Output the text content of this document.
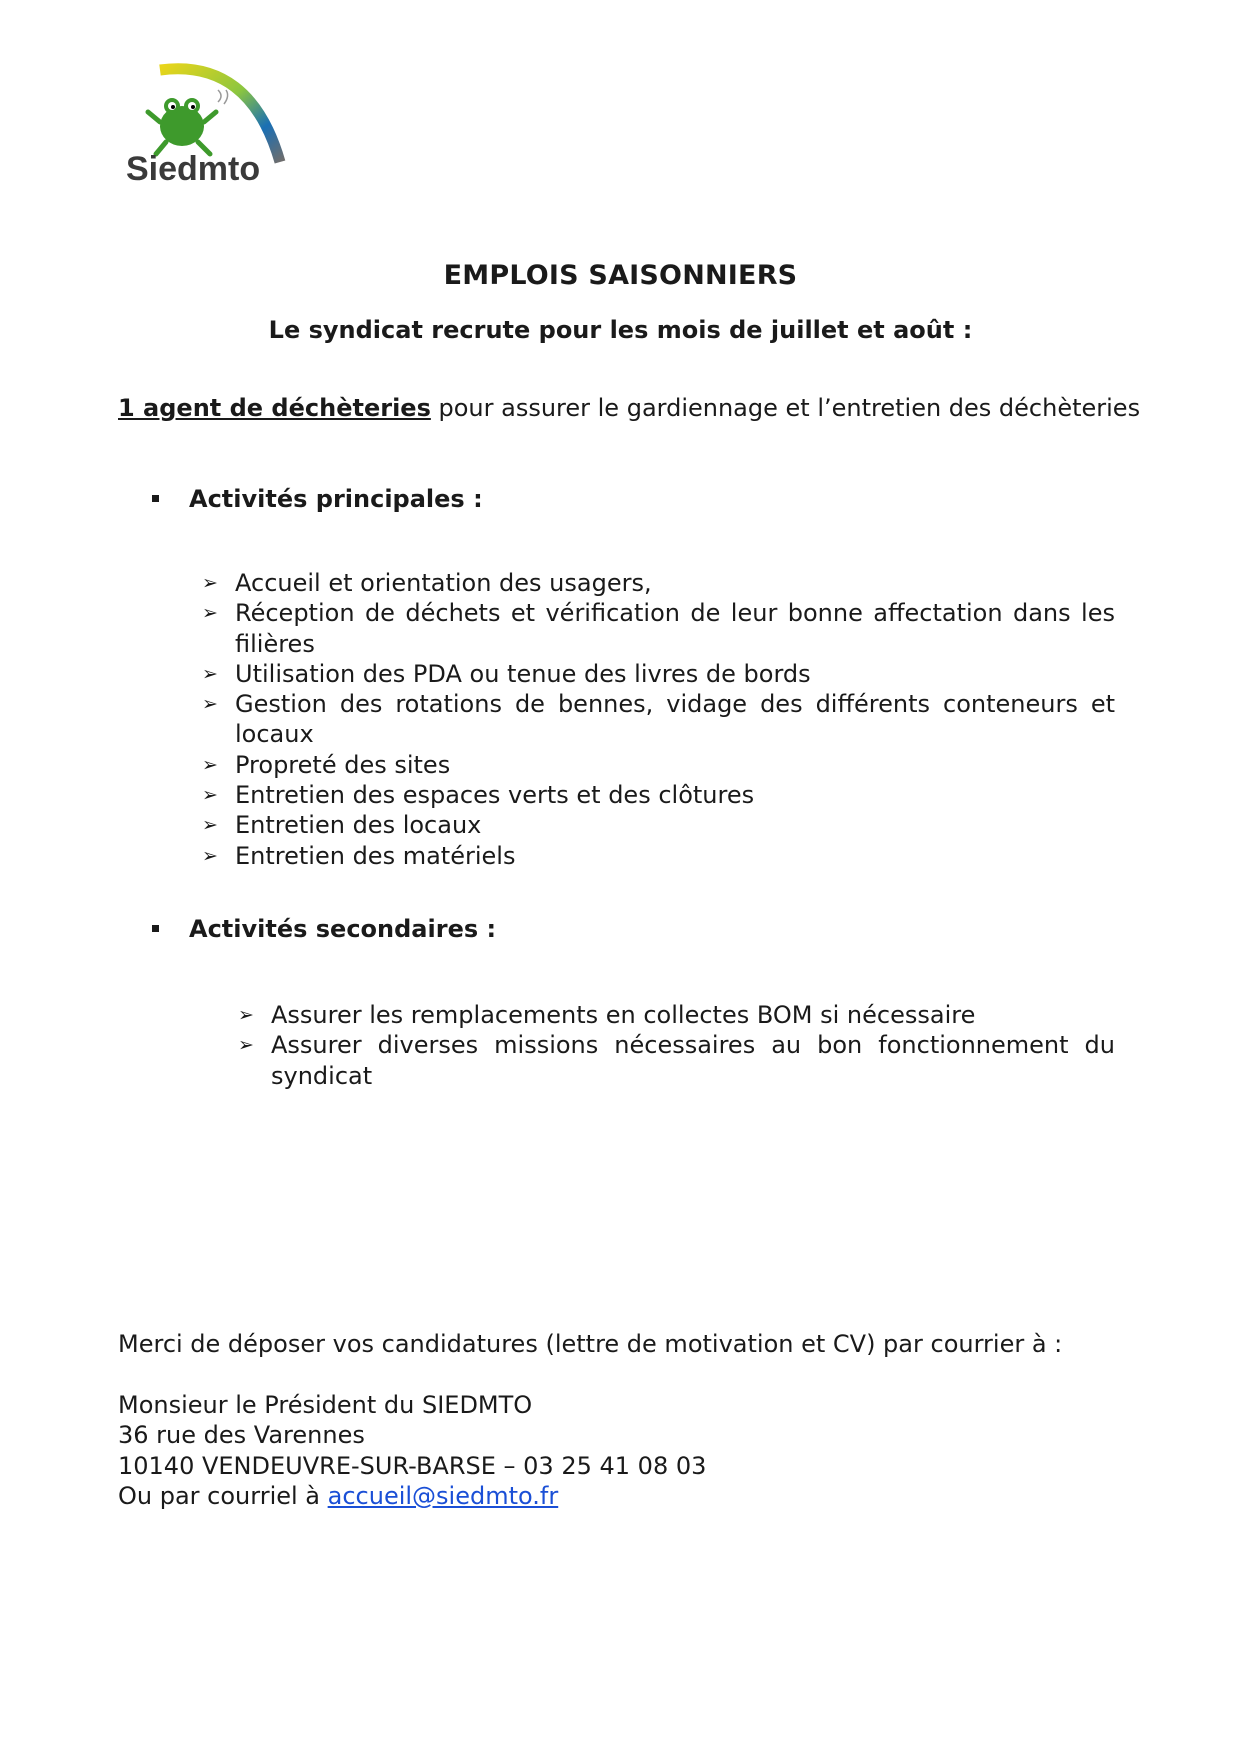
Siedmto
EMPLOIS SAISONNIERS
Le syndicat recrute pour les mois de juillet et août :
1 agent de déchèteries pour assurer le gardiennage et l’entretien des déchèteries
Activités principales :
➢ Accueil et orientation des usagers,
➢ Réception de déchets et vérification de leur bonne affectation dans les filières
➢ Utilisation des PDA ou tenue des livres de bords
➢ Gestion des rotations de bennes, vidage des différents conteneurs et locaux
➢ Propreté des sites
➢ Entretien des espaces verts et des clôtures
➢ Entretien des locaux
➢ Entretien des matériels
Activités secondaires :
➢ Assurer les remplacements en collectes BOM si nécessaire
➢ Assurer diverses missions nécessaires au bon fonctionnement du syndicat
Merci de déposer vos candidatures (lettre de motivation et CV) par courrier à :
Monsieur le Président du SIEDMTO
36 rue des Varennes
10140 VENDEUVRE-SUR-BARSE – 03 25 41 08 03
Ou par courriel à accueil@siedmto.fr
